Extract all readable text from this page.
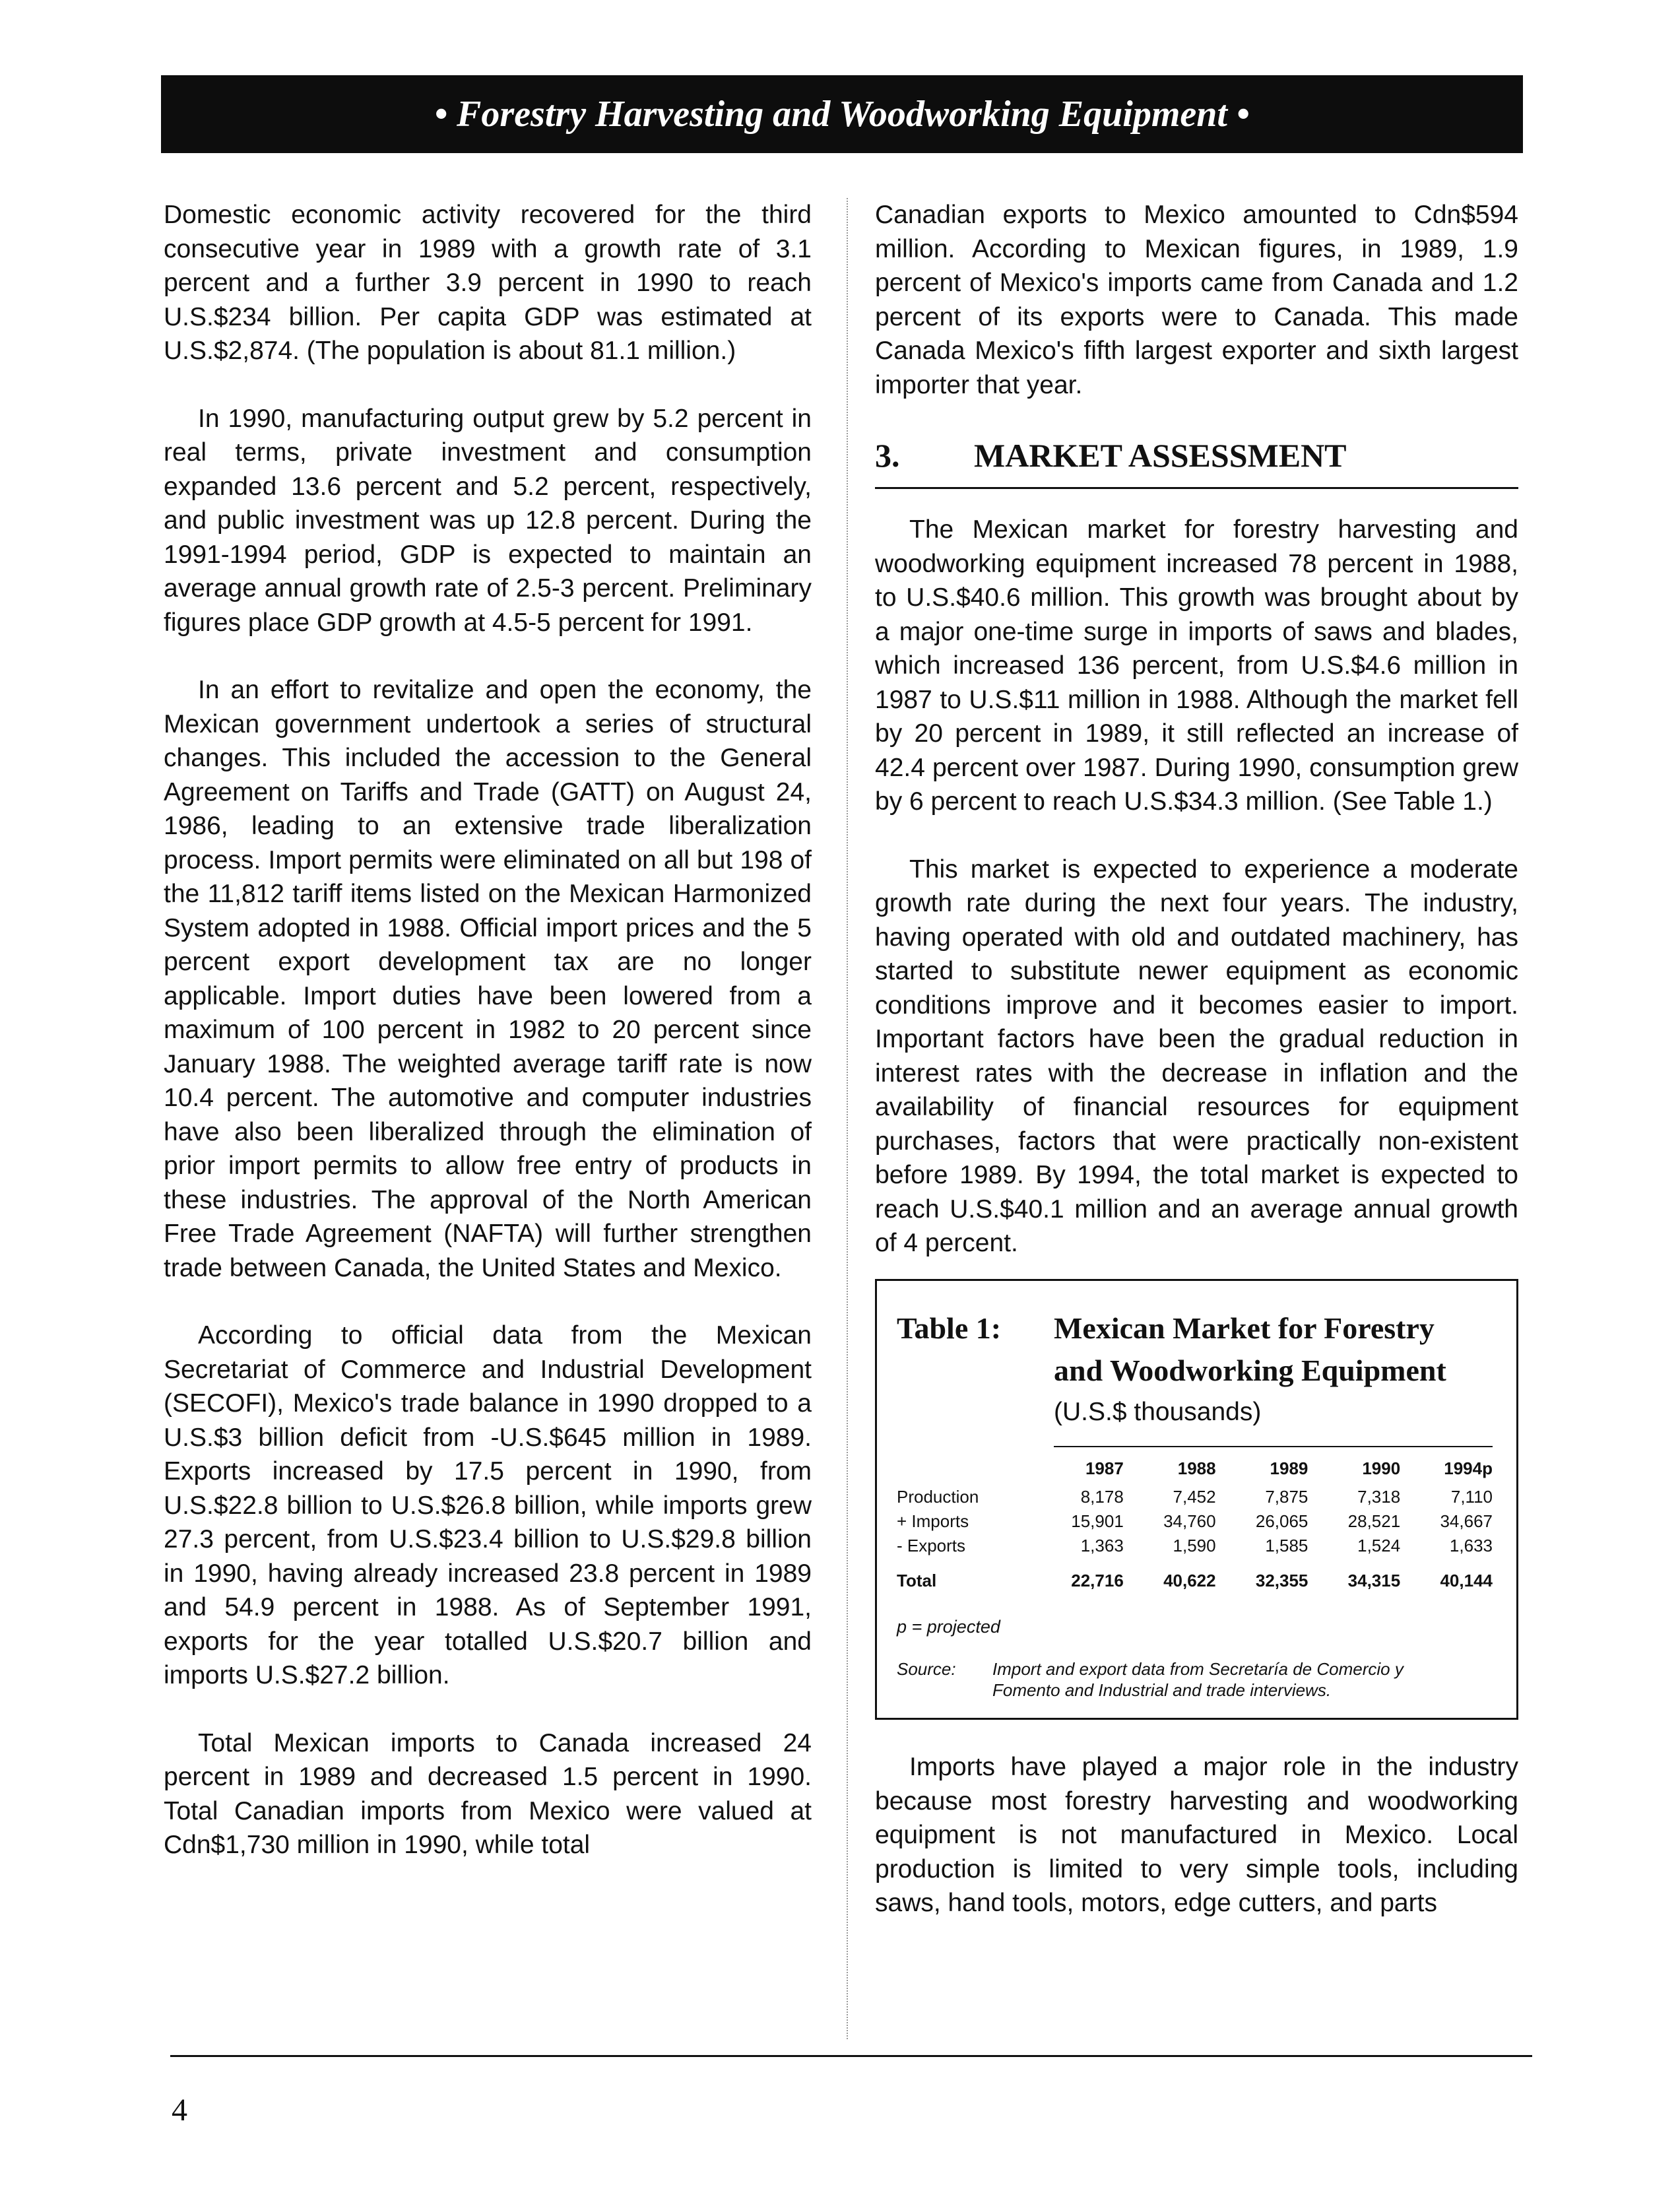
• Forestry Harvesting and Woodworking Equipment •

Domestic economic activity recovered for the third consecutive year in 1989 with a growth rate of 3.1 percent and a further 3.9 percent in 1990 to reach U.S.$234 billion. Per capita GDP was estimated at U.S.$2,874. (The population is about 81.1 million.)

In 1990, manufacturing output grew by 5.2 percent in real terms, private investment and consumption expanded 13.6 percent and 5.2 percent, respectively, and public investment was up 12.8 percent. During the 1991-1994 period, GDP is expected to maintain an average annual growth rate of 2.5-3 percent. Preliminary figures place GDP growth at 4.5-5 percent for 1991.

In an effort to revitalize and open the economy, the Mexican government undertook a series of structural changes. This included the accession to the General Agreement on Tariffs and Trade (GATT) on August 24, 1986, leading to an extensive trade liberalization process. Import permits were eliminated on all but 198 of the 11,812 tariff items listed on the Mexican Harmonized System adopted in 1988. Official import prices and the 5 percent export development tax are no longer applicable. Import duties have been lowered from a maximum of 100 percent in 1982 to 20 percent since January 1988. The weighted average tariff rate is now 10.4 percent. The automotive and computer industries have also been liberalized through the elimination of prior import permits to allow free entry of products in these industries. The approval of the North American Free Trade Agreement (NAFTA) will further strengthen trade between Canada, the United States and Mexico.

According to official data from the Mexican Secretariat of Commerce and Industrial Development (SECOFI), Mexico's trade balance in 1990 dropped to a U.S.$3 billion deficit from -U.S.$645 million in 1989. Exports increased by 17.5 percent in 1990, from U.S.$22.8 billion to U.S.$26.8 billion, while imports grew 27.3 percent, from U.S.$23.4 billion to U.S.$29.8 billion in 1990, having already increased 23.8 percent in 1989 and 54.9 percent in 1988. As of September 1991, exports for the year totalled U.S.$20.7 billion and imports U.S.$27.2 billion.

Total Mexican imports to Canada increased 24 percent in 1989 and decreased 1.5 percent in 1990. Total Canadian imports from Mexico were valued at Cdn$1,730 million in 1990, while total

Canadian exports to Mexico amounted to Cdn$594 million. According to Mexican figures, in 1989, 1.9 percent of Mexico's imports came from Canada and 1.2 percent of its exports were to Canada. This made Canada Mexico's fifth largest exporter and sixth largest importer that year.

3.	MARKET ASSESSMENT

The Mexican market for forestry harvesting and woodworking equipment increased 78 percent in 1988, to U.S.$40.6 million. This growth was brought about by a major one-time surge in imports of saws and blades, which increased 136 percent, from U.S.$4.6 million in 1987 to U.S.$11 million in 1988. Although the market fell by 20 percent in 1989, it still reflected an increase of 42.4 percent over 1987. During 1990, consumption grew by 6 percent to reach U.S.$34.3 million. (See Table 1.)

This market is expected to experience a moderate growth rate during the next four years. The industry, having operated with old and outdated machinery, has started to substitute newer equipment as economic conditions improve and it becomes easier to import. Important factors have been the gradual reduction in interest rates with the decrease in inflation and the availability of financial resources for equipment purchases, factors that were practically non-existent before 1989. By 1994, the total market is expected to reach U.S.$40.1 million and an average annual growth of 4 percent.

Table 1:	Mexican Market for Forestry
and Woodworking Equipment
(U.S.$ thousands)
	1987	1988	1989	1990	1994p
Production	8,178	7,452	7,875	7,318	7,110
+ Imports	15,901	34,760	26,065	28,521	34,667
- Exports	1,363	1,590	1,585	1,524	1,633
Total	22,716	40,622	32,355	34,315	40,144
p = projected
Source:	Import and export data from Secretaría de Comercio y
Fomento and Industrial and trade interviews.

Imports have played a major role in the industry because most forestry harvesting and woodworking equipment is not manufactured in Mexico. Local production is limited to very simple tools, including saws, hand tools, motors, edge cutters, and parts

4
